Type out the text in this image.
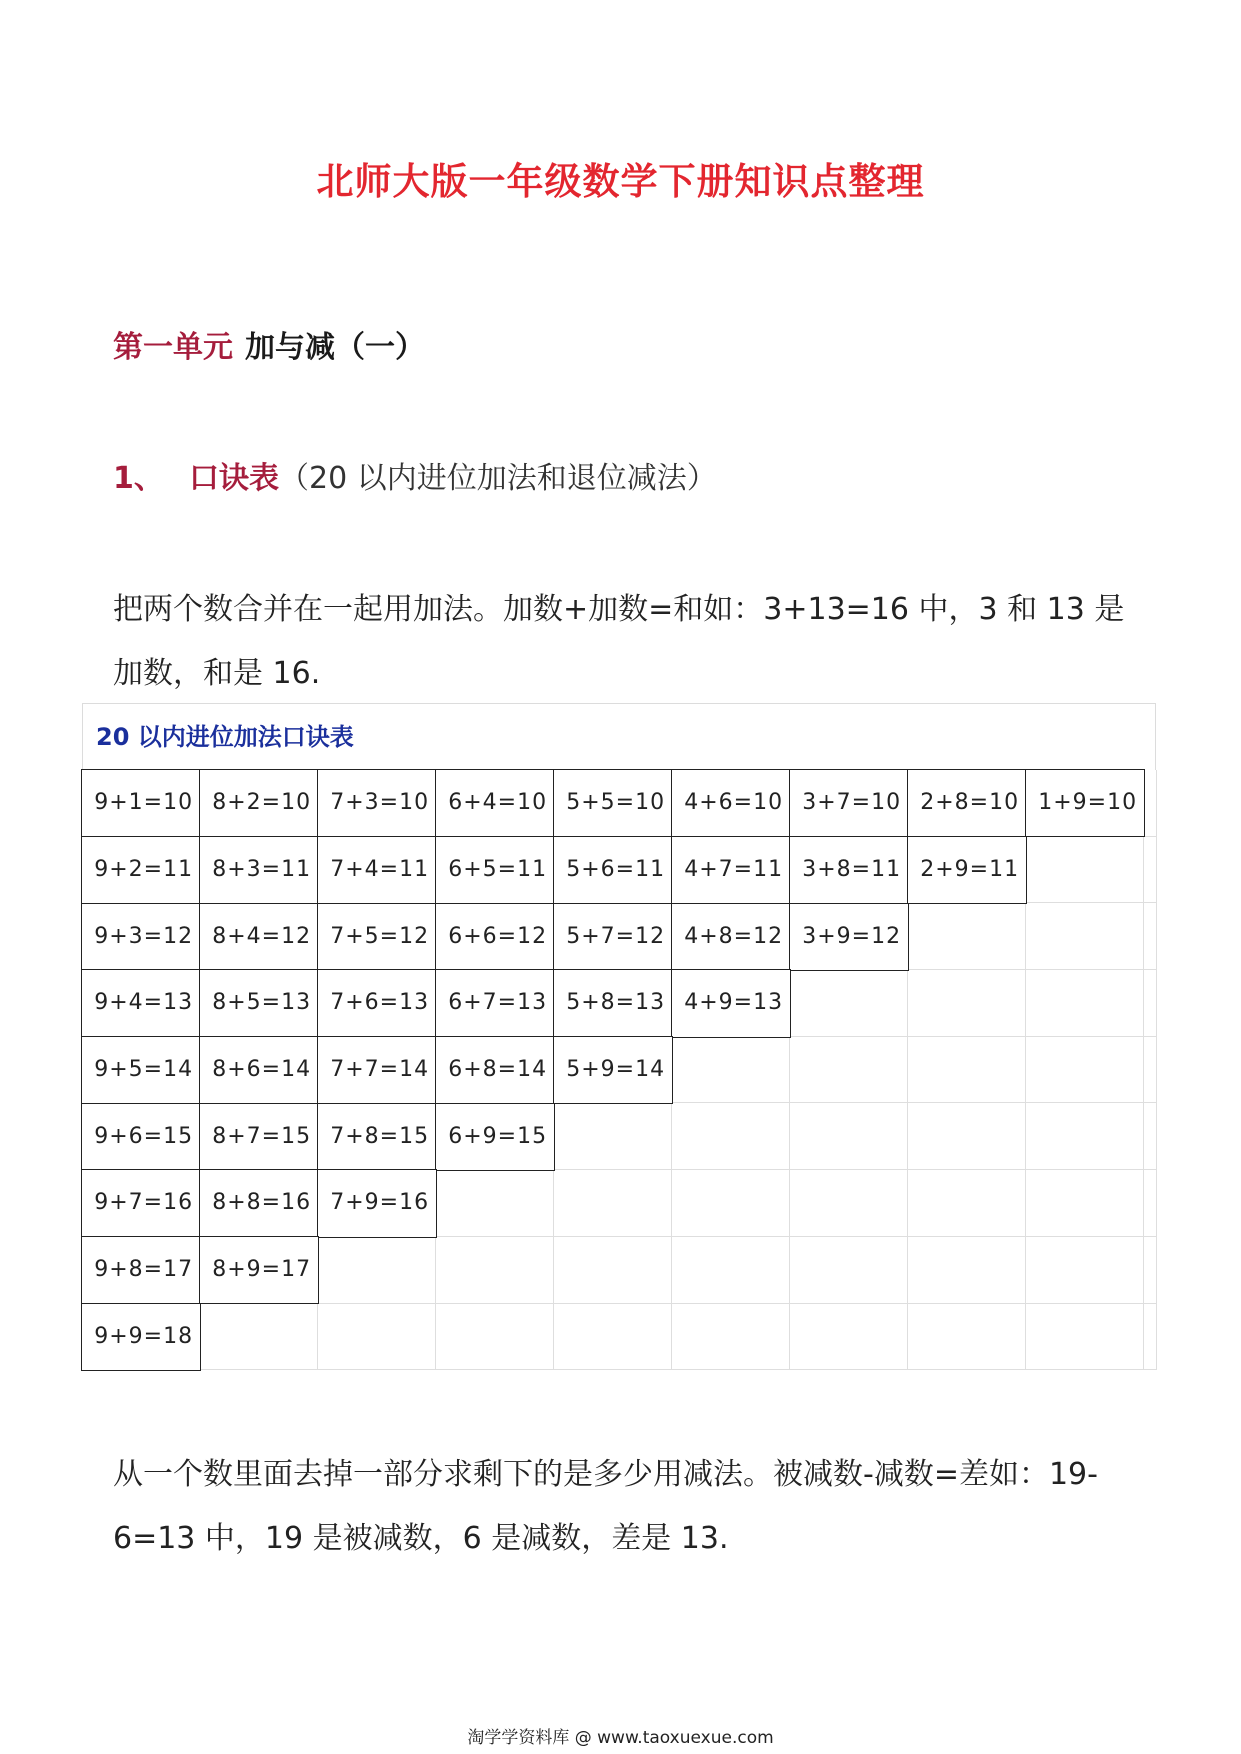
北师大版一年级数学下册知识点整理
第一单元 加与减（一）
1、 口诀表（20 以内进位加法和退位减法）
把两个数合并在一起用加法。加数+加数=和如：3+13=16 中，3 和 13 是加数，和是 16.
20 以内进位加法口诀表
9+1=10 8+2=10 7+3=10 6+4=10 5+5=10 4+6=10 3+7=10 2+8=10 1+9=10
9+2=11 8+3=11 7+4=11 6+5=11 5+6=11 4+7=11 3+8=11 2+9=11
9+3=12 8+4=12 7+5=12 6+6=12 5+7=12 4+8=12 3+9=12
9+4=13 8+5=13 7+6=13 6+7=13 5+8=13 4+9=13
9+5=14 8+6=14 7+7=14 6+8=14 5+9=14
9+6=15 8+7=15 7+8=15 6+9=15
9+7=16 8+8=16 7+9=16
9+8=17 8+9=17
9+9=18
从一个数里面去掉一部分求剩下的是多少用减法。被减数-减数=差如：19-6=13 中，19 是被减数，6 是减数，差是 13.
淘学学资料库 @ www.taoxuexue.com
